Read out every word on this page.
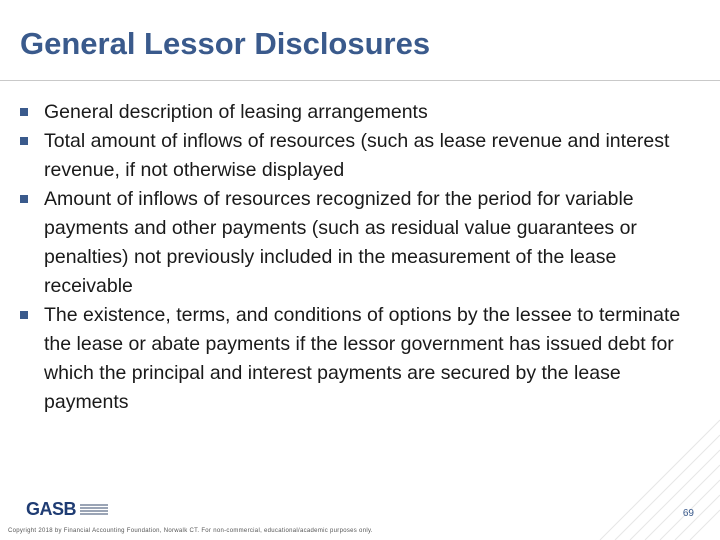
General Lessor Disclosures
General description of leasing arrangements
Total amount of inflows of resources (such as lease revenue and interest revenue, if not otherwise displayed
Amount of inflows of resources recognized for the period for variable payments and other payments (such as residual value guarantees or penalties) not previously included in the measurement of the lease receivable
The existence, terms, and conditions of options by the lessee to terminate the lease or abate payments if the lessor government has issued debt for which the principal and interest payments are secured by the lease payments
GASB	69
Copyright 2018 by Financial Accounting Foundation, Norwalk CT. For non-commercial, educational/academic purposes only.
